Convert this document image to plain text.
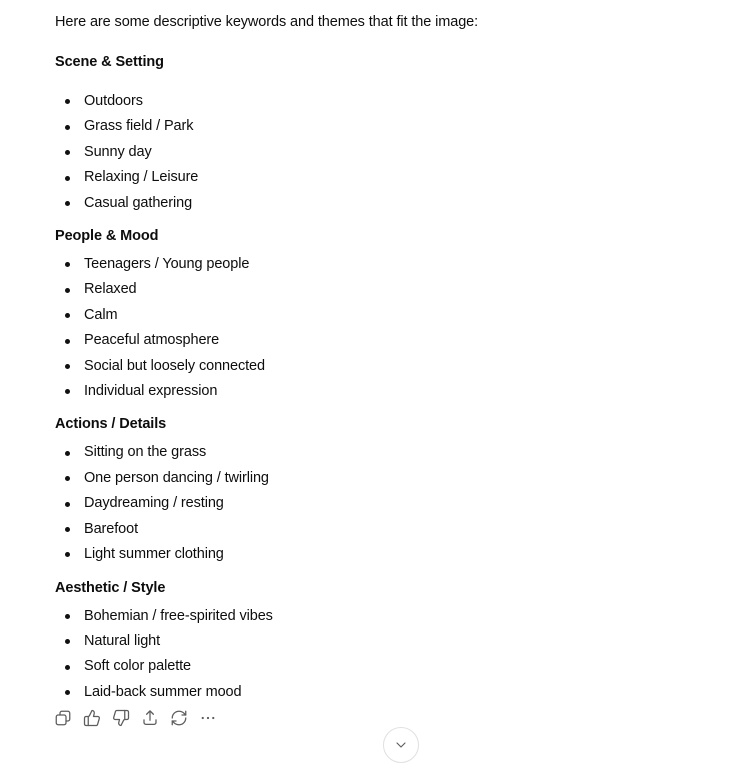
Here are some descriptive keywords and themes that fit the image:

Scene & Setting
Outdoors
Grass field / Park
Sunny day
Relaxing / Leisure
Casual gathering
People & Mood
Teenagers / Young people
Relaxed
Calm
Peaceful atmosphere
Social but loosely connected
Individual expression
Actions / Details
Sitting on the grass
One person dancing / twirling
Daydreaming / resting
Barefoot
Light summer clothing
Aesthetic / Style
Bohemian / free-spirited vibes
Natural light
Soft color palette
Laid-back summer mood
